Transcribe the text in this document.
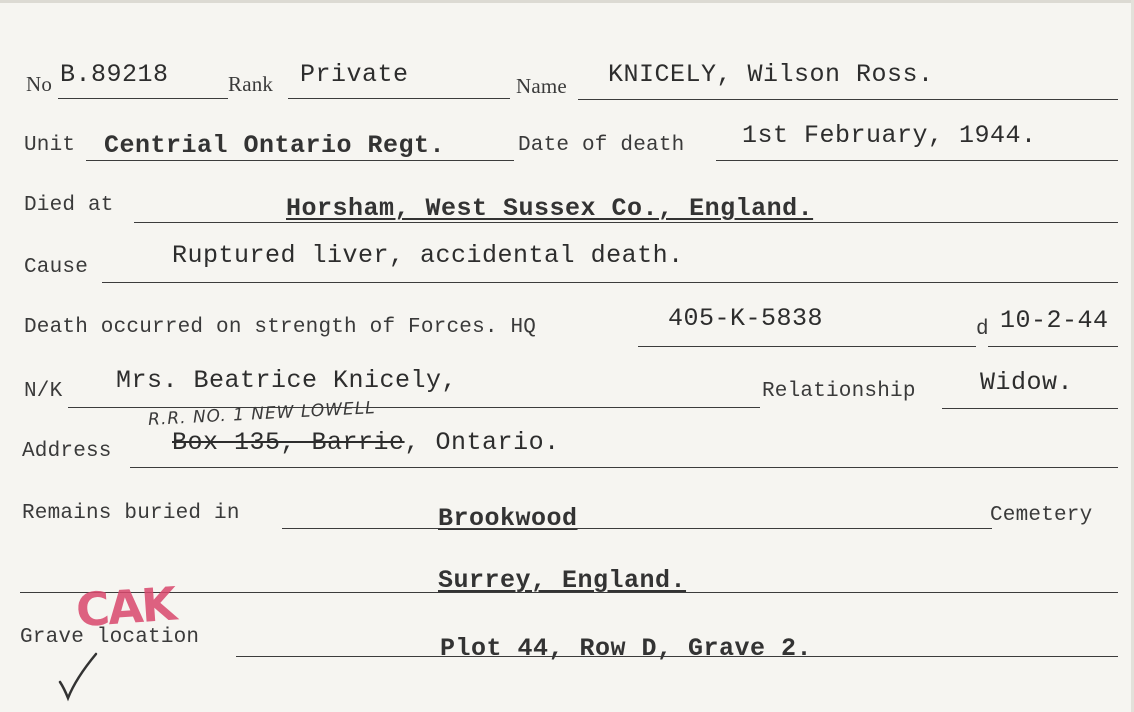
No B.89218	Rank Private	Name KNICELY, Wilson Ross.
Unit Centrial Ontario Regt.	Date of death 1st February, 1944.
Died at	Horsham, West Sussex Co., England.
Cause	Ruptured liver, accidental death.
Death occurred on strength of Forces. HQ	405-K-5838	d 10-2-44
N/K Mrs. Beatrice Knicely,	Relationship	Widow.
R.R. NO. 1 NEW LOWELL
Address Box 135, Barrie, Ontario.
Remains buried in	Brookwood	Cemetery
Surrey, England.
Grave location	Plot 44, Row D, Grave 2.
CAK
